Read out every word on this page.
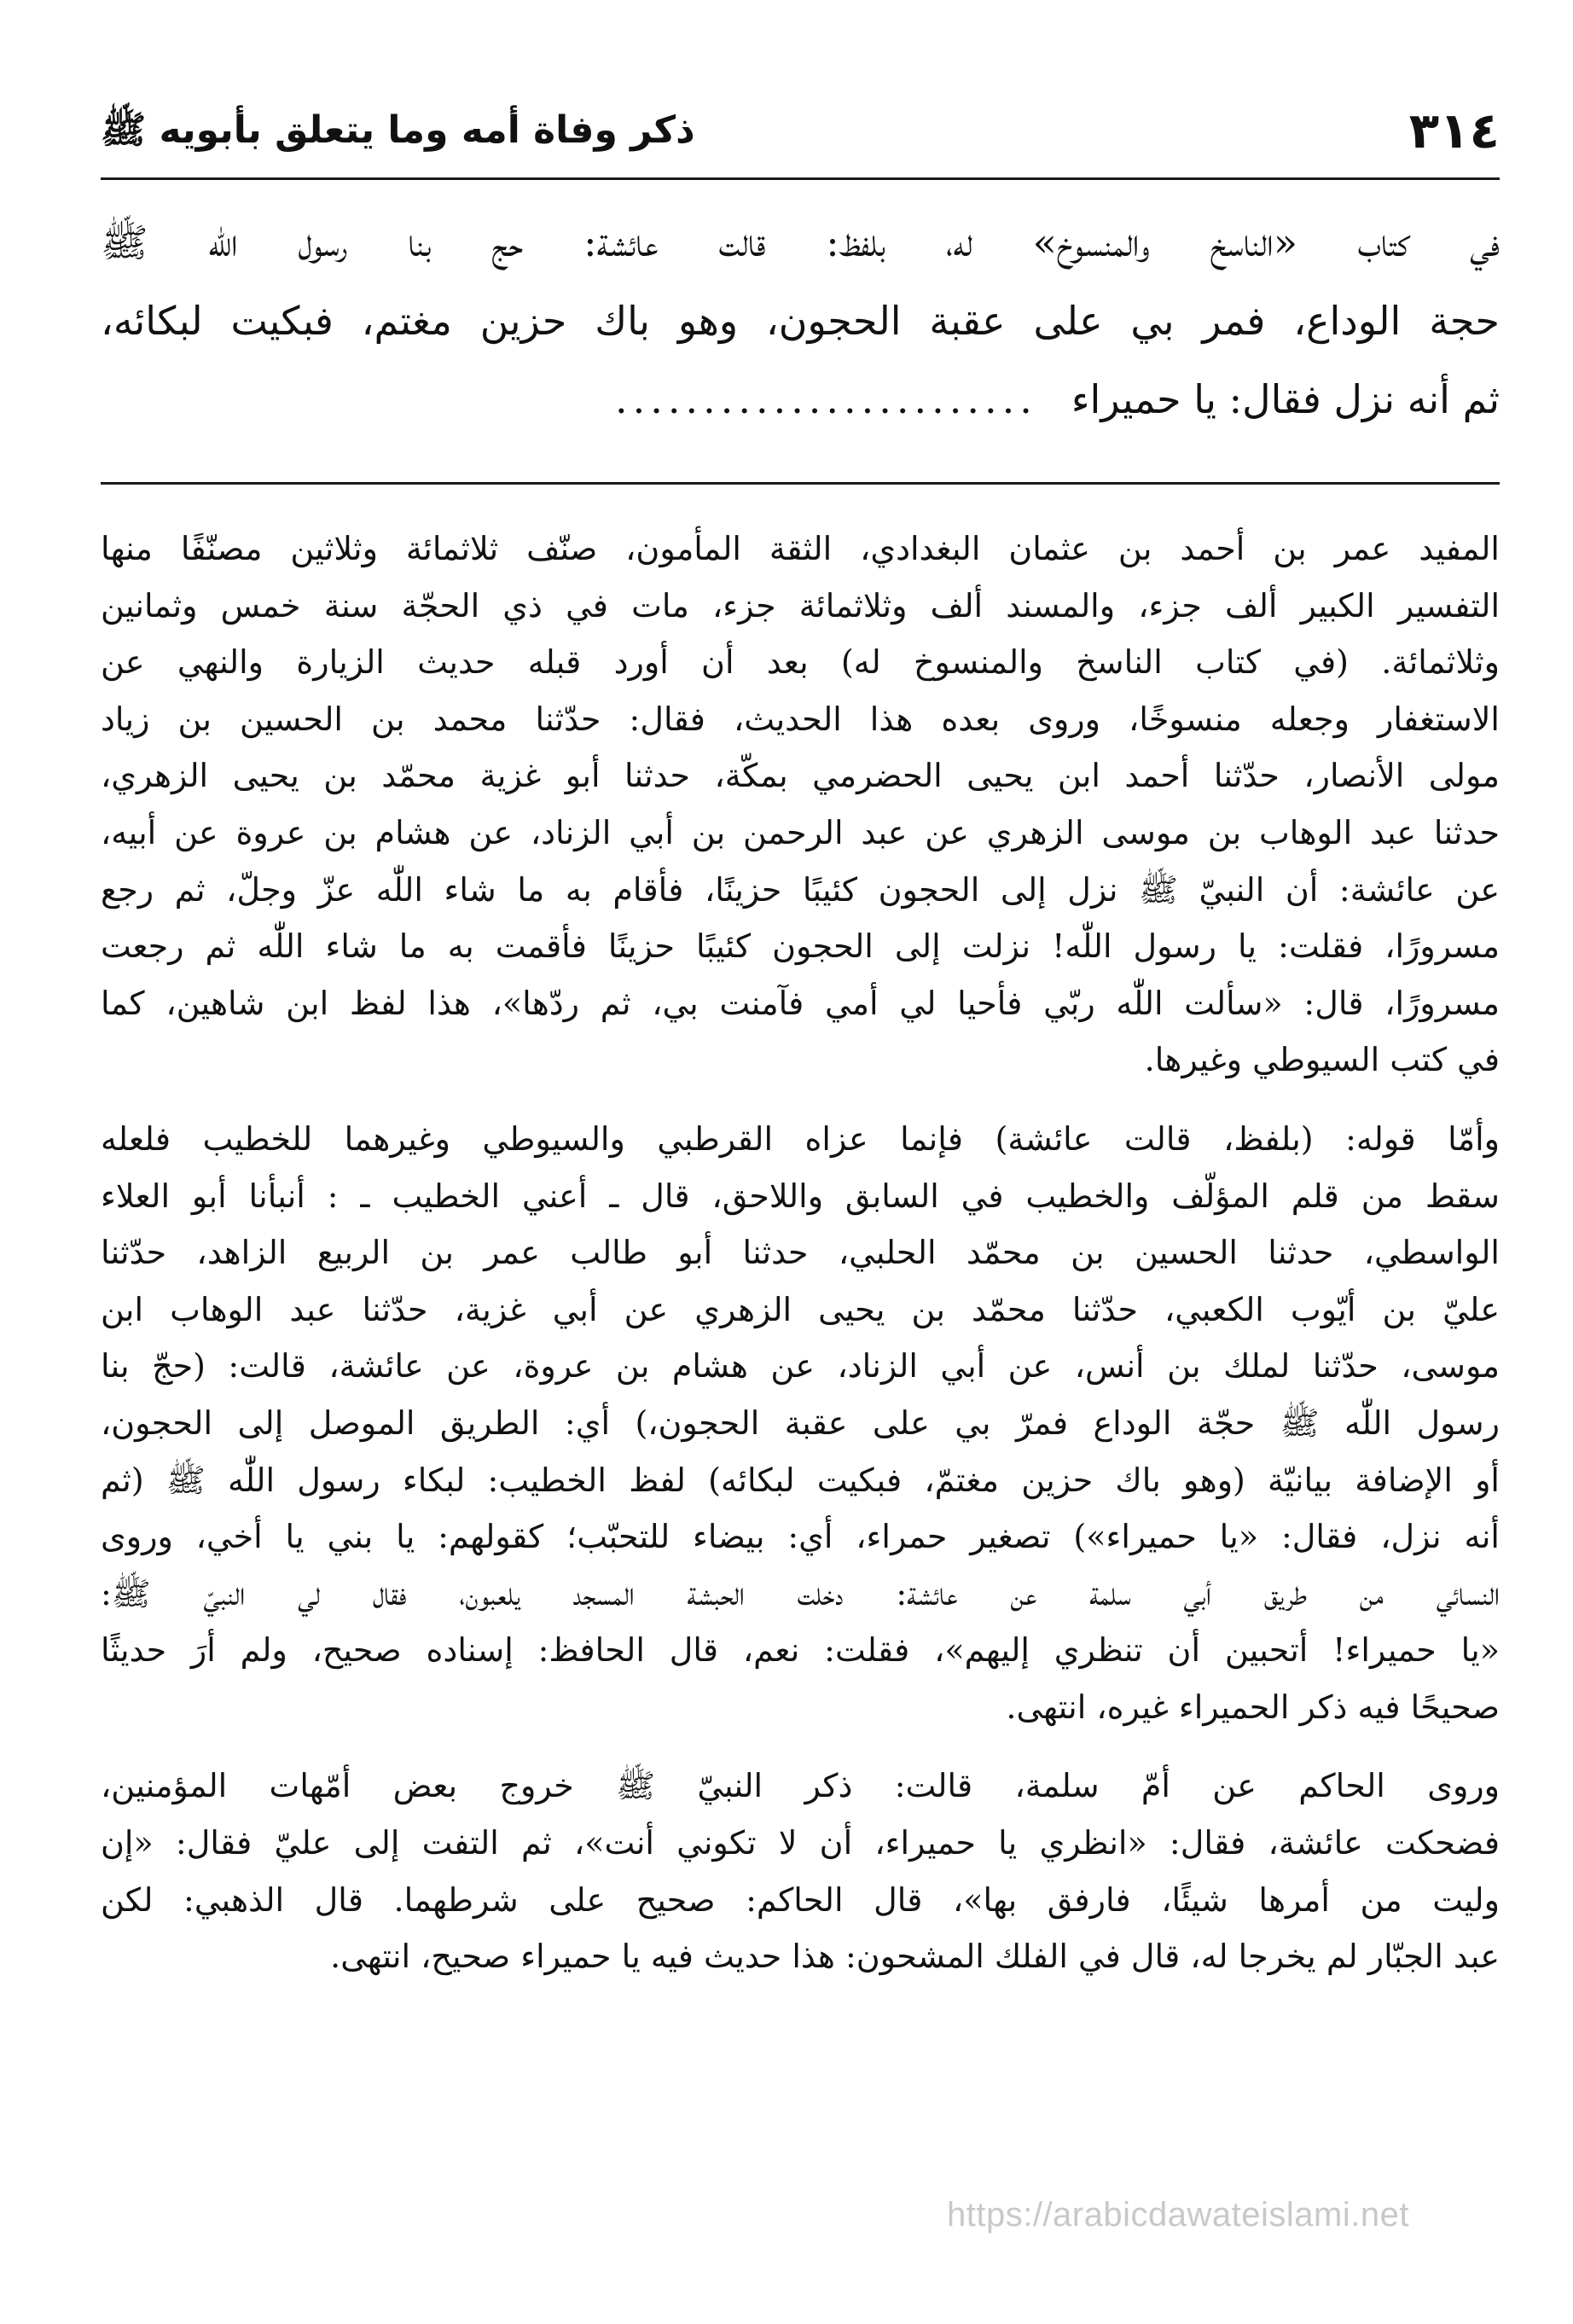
٣١٤
ذكر وفاة أمه وما يتعلق بأبويه ﷺ
في كتاب «الناسخ والمنسوخ» له، بلفظ: قالت عائشة: حج بنا رسول الله ﷺ
حجة الوداع، فمر بي على عقبة الحجون، وهو باك حزين مغتم، فبكيت لبكائه،
ثم أنه نزل فقال: يا حميراء........................
المفيد عمر بن أحمد بن عثمان البغدادي، الثقة المأمون، صنّف ثلاثمائة وثلاثين مصنّفًا منها
التفسير الكبير ألف جزء، والمسند ألف وثلاثمائة جزء، مات في ذي الحجّة سنة خمس وثمانين
وثلاثمائة. (في كتاب الناسخ والمنسوخ له) بعد أن أورد قبله حديث الزيارة والنهي عن
الاستغفار وجعله منسوخًا، وروى بعده هذا الحديث، فقال: حدّثنا محمد بن الحسين بن زياد
مولى الأنصار، حدّثنا أحمد ابن يحيى الحضرمي بمكّة، حدثنا أبو غزية محمّد بن يحيى الزهري،
حدثنا عبد الوهاب بن موسى الزهري عن عبد الرحمن بن أبي الزناد، عن هشام بن عروة عن أبيه،
عن عائشة: أن النبيّ ﷺ نزل إلى الحجون كئيبًا حزينًا، فأقام به ما شاء اللّٰه عزّ وجلّ، ثم رجع
مسرورًا، فقلت: يا رسول اللّٰه! نزلت إلى الحجون كئيبًا حزينًا فأقمت به ما شاء اللّٰه ثم رجعت
مسرورًا، قال: «سألت اللّٰه ربّي فأحيا لي أمي فآمنت بي، ثم ردّها»، هذا لفظ ابن شاهين، كما
في كتب السيوطي وغيرها.
وأمّا قوله: (بلفظ، قالت عائشة) فإنما عزاه القرطبي والسيوطي وغيرهما للخطيب فلعله
سقط من قلم المؤلّف والخطيب في السابق واللاحق، قال ـ أعني الخطيب ـ : أنبأنا أبو العلاء
الواسطي، حدثنا الحسين بن محمّد الحلبي، حدثنا أبو طالب عمر بن الربيع الزاهد، حدّثنا
عليّ بن أيّوب الكعبي، حدّثنا محمّد بن يحيى الزهري عن أبي غزية، حدّثنا عبد الوهاب ابن
موسى، حدّثنا لملك بن أنس، عن أبي الزناد، عن هشام بن عروة، عن عائشة، قالت: (حجّ بنا
رسول اللّٰه ﷺ حجّة الوداع فمرّ بي على عقبة الحجون،) أي: الطريق الموصل إلى الحجون،
أو الإضافة بيانيّة (وهو باك حزين مغتمّ، فبكيت لبكائه) لفظ الخطيب: لبكاء رسول اللّٰه ﷺ (ثم
أنه نزل، فقال: «يا حميراء») تصغير حمراء، أي: بيضاء للتحبّب؛ كقولهم: يا بني يا أخي، وروى
النسائي من طريق أبي سلمة عن عائشة: دخلت الحبشة المسجد يلعبون، فقال لي النبيّ ﷺ:
«يا حميراء! أتحبين أن تنظري إليهم»، فقلت: نعم، قال الحافظ: إسناده صحيح، ولم أرَ حديثًا
صحيحًا فيه ذكر الحميراء غيره، انتهى.
وروى الحاكم عن أمّ سلمة، قالت: ذكر النبيّ ﷺ خروج بعض أمّهات المؤمنين،
فضحكت عائشة، فقال: «انظري يا حميراء، أن لا تكوني أنت»، ثم التفت إلى عليّ فقال: «إن
وليت من أمرها شيئًا، فارفق بها»، قال الحاكم: صحيح على شرطهما. قال الذهبي: لكن
عبد الجبّار لم يخرجا له، قال في الفلك المشحون: هذا حديث فيه يا حميراء صحيح، انتهى.
https://arabicdawateislami.net
